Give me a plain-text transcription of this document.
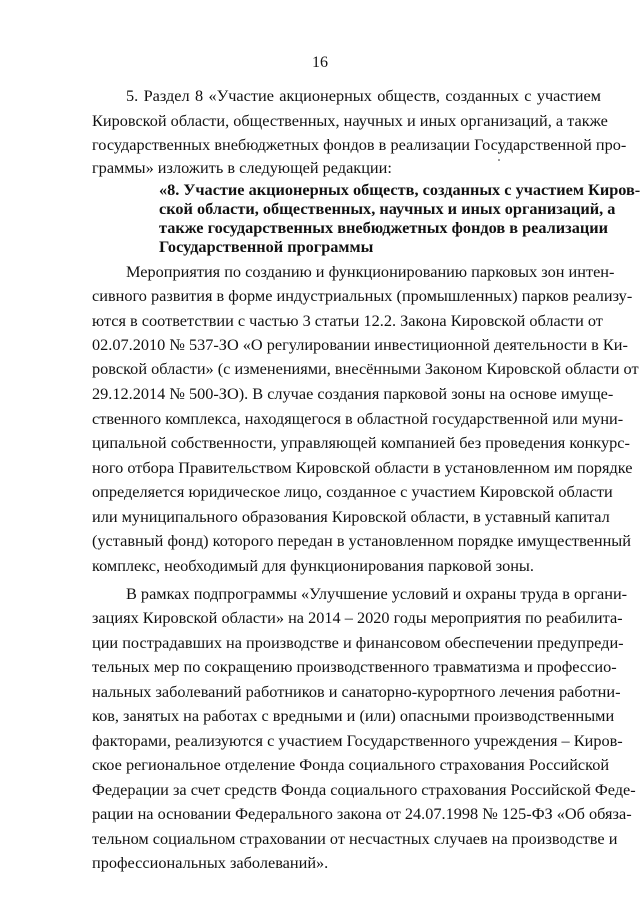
16
5. Раздел 8 «Участие акционерных обществ, созданных с участием
Кировской области, общественных, научных и иных организаций, а также
государственных внебюджетных фондов в реализации Государственной про-
граммы» изложить в следующей редакции:
«8. Участие акционерных обществ, созданных с участием Киров-
ской области, общественных, научных и иных организаций, а
также государственных внебюджетных фондов в реализации
Государственной программы
Мероприятия по созданию и функционированию парковых зон интен-
сивного развития в форме индустриальных (промышленных) парков реализу-
ются в соответствии с частью 3 статьи 12.2. Закона Кировской области от
02.07.2010 № 537-ЗО «О регулировании инвестиционной деятельности в Ки-
ровской области» (с изменениями, внесёнными Законом Кировской области от
29.12.2014 № 500-ЗО). В случае создания парковой зоны на основе имуще-
ственного комплекса, находящегося в областной государственной или муни-
ципальной собственности, управляющей компанией без проведения конкурс-
ного отбора Правительством Кировской области в установленном им порядке
определяется юридическое лицо, созданное с участием Кировской области
или муниципального образования Кировской области, в уставный капитал
(уставный фонд) которого передан в установленном порядке имущественный
комплекс, необходимый для функционирования парковой зоны.
В рамках подпрограммы «Улучшение условий и охраны труда в органи-
зациях Кировской области» на 2014 – 2020 годы мероприятия по реабилита-
ции пострадавших на производстве и финансовом обеспечении предупреди-
тельных мер по сокращению производственного травматизма и профессио-
нальных заболеваний работников и санаторно-курортного лечения работни-
ков, занятых на работах с вредными и (или) опасными производственными
факторами, реализуются с участием Государственного учреждения – Киров-
ское региональное отделение Фонда социального страхования Российской
Федерации за счет средств Фонда социального страхования Российской Феде-
рации на основании Федерального закона от 24.07.1998 № 125-ФЗ «Об обяза-
тельном социальном страховании от несчастных случаев на производстве и
профессиональных заболеваний».
